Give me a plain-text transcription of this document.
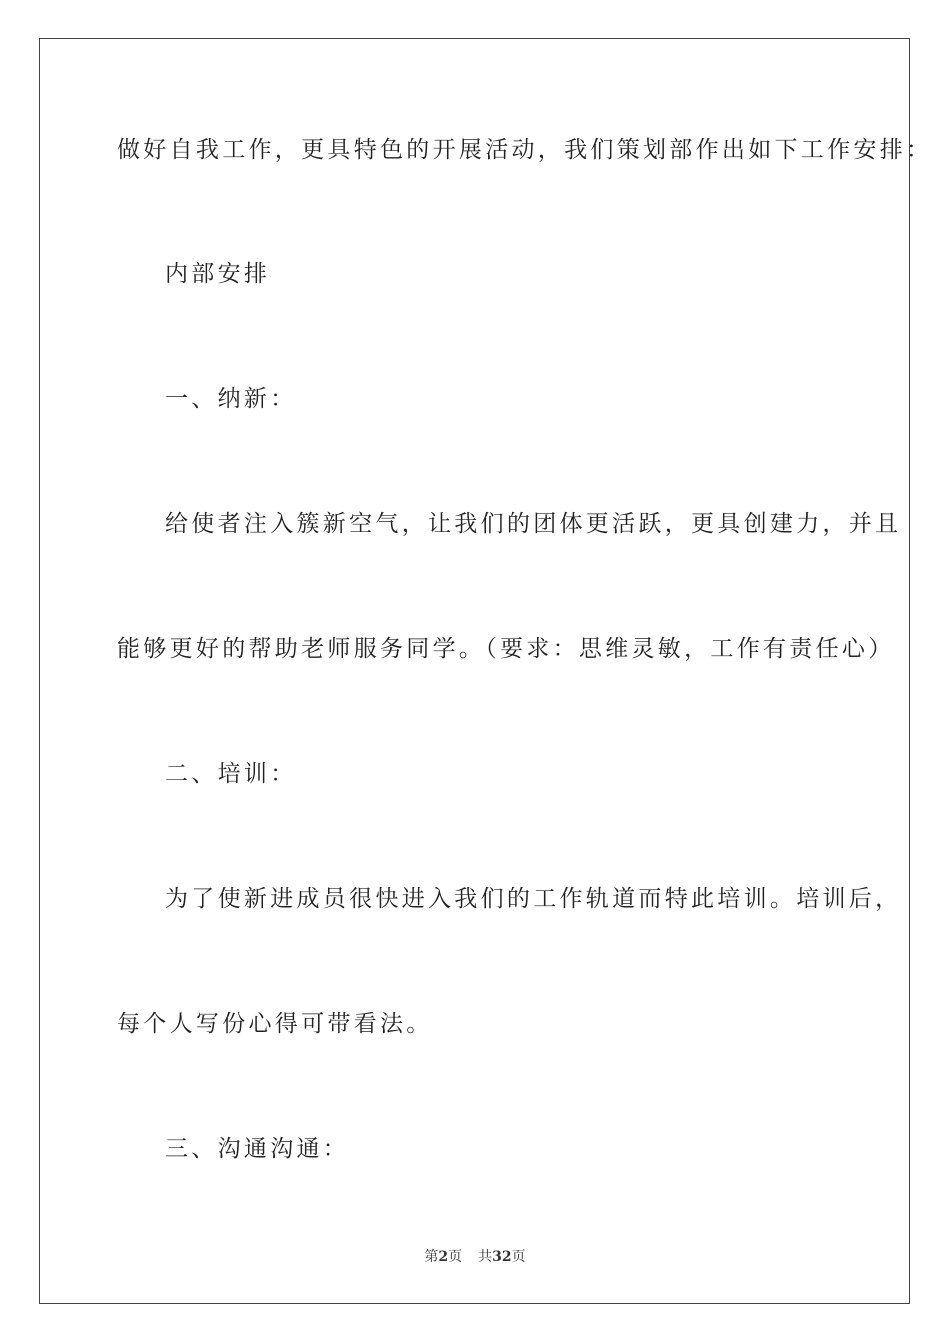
做好自我工作，更具特色的开展活动，我们策划部作出如下工作安排：
内部安排
一、纳新：
给使者注入簇新空气，让我们的团体更活跃，更具创建力，并且
能够更好的帮助老师服务同学。（要求：思维灵敏，工作有责任心）
二、培训：
为了使新进成员很快进入我们的工作轨道而特此培训。培训后，
每个人写份心得可带看法。
三、沟通沟通：
第2页 共32页
